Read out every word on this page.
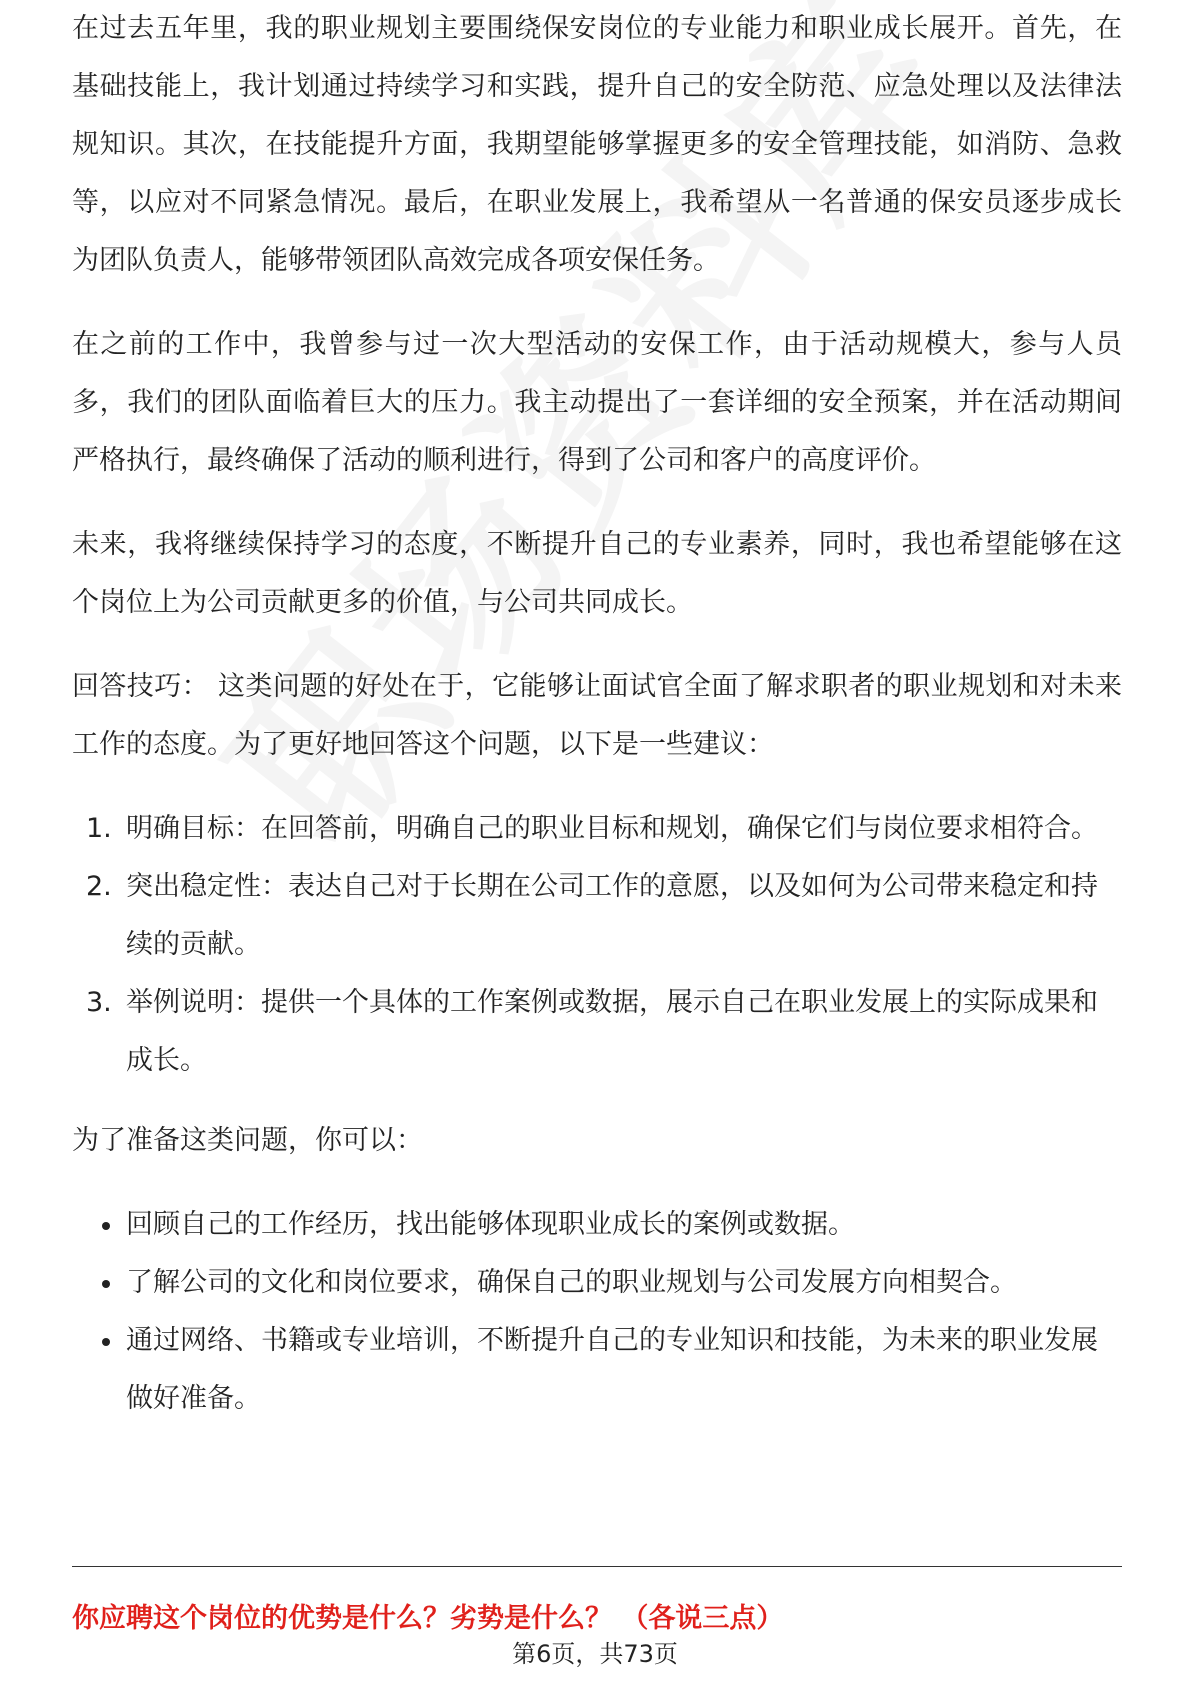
在过去五年里，我的职业规划主要围绕保安岗位的专业能力和职业成长展开。首先，在基础技能上，我计划通过持续学习和实践，提升自己的安全防范、应急处理以及法律法规知识。其次，在技能提升方面，我期望能够掌握更多的安全管理技能，如消防、急救等，以应对不同紧急情况。最后，在职业发展上，我希望从一名普通的保安员逐步成长为团队负责人，能够带领团队高效完成各项安保任务。

在之前的工作中，我曾参与过一次大型活动的安保工作，由于活动规模大，参与人员多，我们的团队面临着巨大的压力。我主动提出了一套详细的安全预案，并在活动期间严格执行，最终确保了活动的顺利进行，得到了公司和客户的高度评价。

未来，我将继续保持学习的态度，不断提升自己的专业素养，同时，我也希望能够在这个岗位上为公司贡献更多的价值，与公司共同成长。

回答技巧： 这类问题的好处在于，它能够让面试官全面了解求职者的职业规划和对未来工作的态度。为了更好地回答这个问题，以下是一些建议：

1. 明确目标：在回答前，明确自己的职业目标和规划，确保它们与岗位要求相符合。
2. 突出稳定性：表达自己对于长期在公司工作的意愿，以及如何为公司带来稳定和持续的贡献。
3. 举例说明：提供一个具体的工作案例或数据，展示自己在职业发展上的实际成果和成长。

为了准备这类问题，你可以：

回顾自己的工作经历，找出能够体现职业成长的案例或数据。
了解公司的文化和岗位要求，确保自己的职业规划与公司发展方向相契合。
通过网络、书籍或专业培训，不断提升自己的专业知识和技能，为未来的职业发展做好准备。
你应聘这个岗位的优势是什么？劣势是什么？ （各说三点）
第6页，共73页
